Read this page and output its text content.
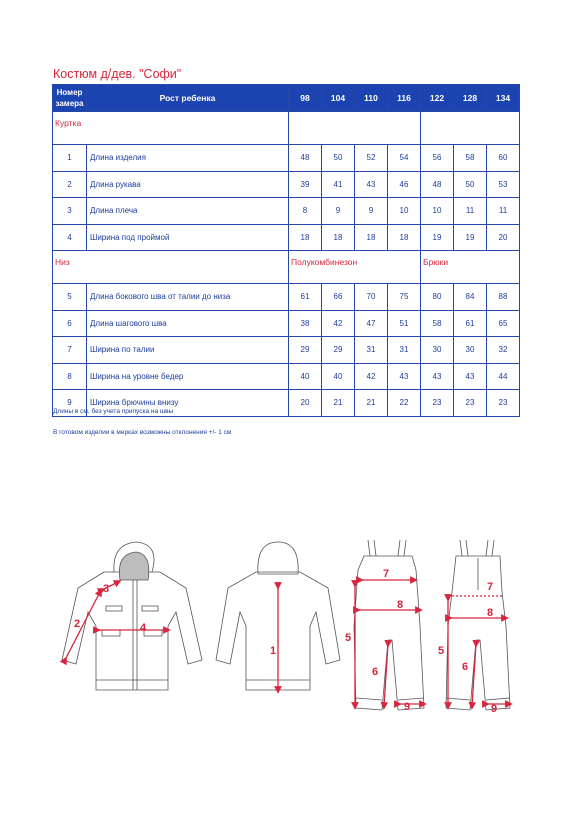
Костюм д/дев. "Софи"
Номер замера	Рост ребенка	98	104	110	116	122	128	134
Куртка								
1	Длина изделия	48	50	52	54	56	58	60
2	Длина рукава	39	41	43	46	48	50	53
3	Длина плеча	8	9	9	10	10	11	11
4	Ширина под проймой	18	18	18	18	19	19	20
Низ		Полукомбинезон				Брюки		
5	Длина бокового шва от талии до низа	61	66	70	75	80	84	88
6	Длина шагового шва	38	42	47	51	58	61	65
7	Ширина по талии	29	29	31	31	30	30	32
8	Ширина на уровне бедер	40	40	42	43	43	43	44
9	Ширина брючины внизу	20	21	21	22	23	23	23
Длины в см, без учета припуска на швы
В готовом изделии в мерках возможны отклонения +/- 1 см
3
2	4
1
7
8
5
6
9
7
8
5
6
9
